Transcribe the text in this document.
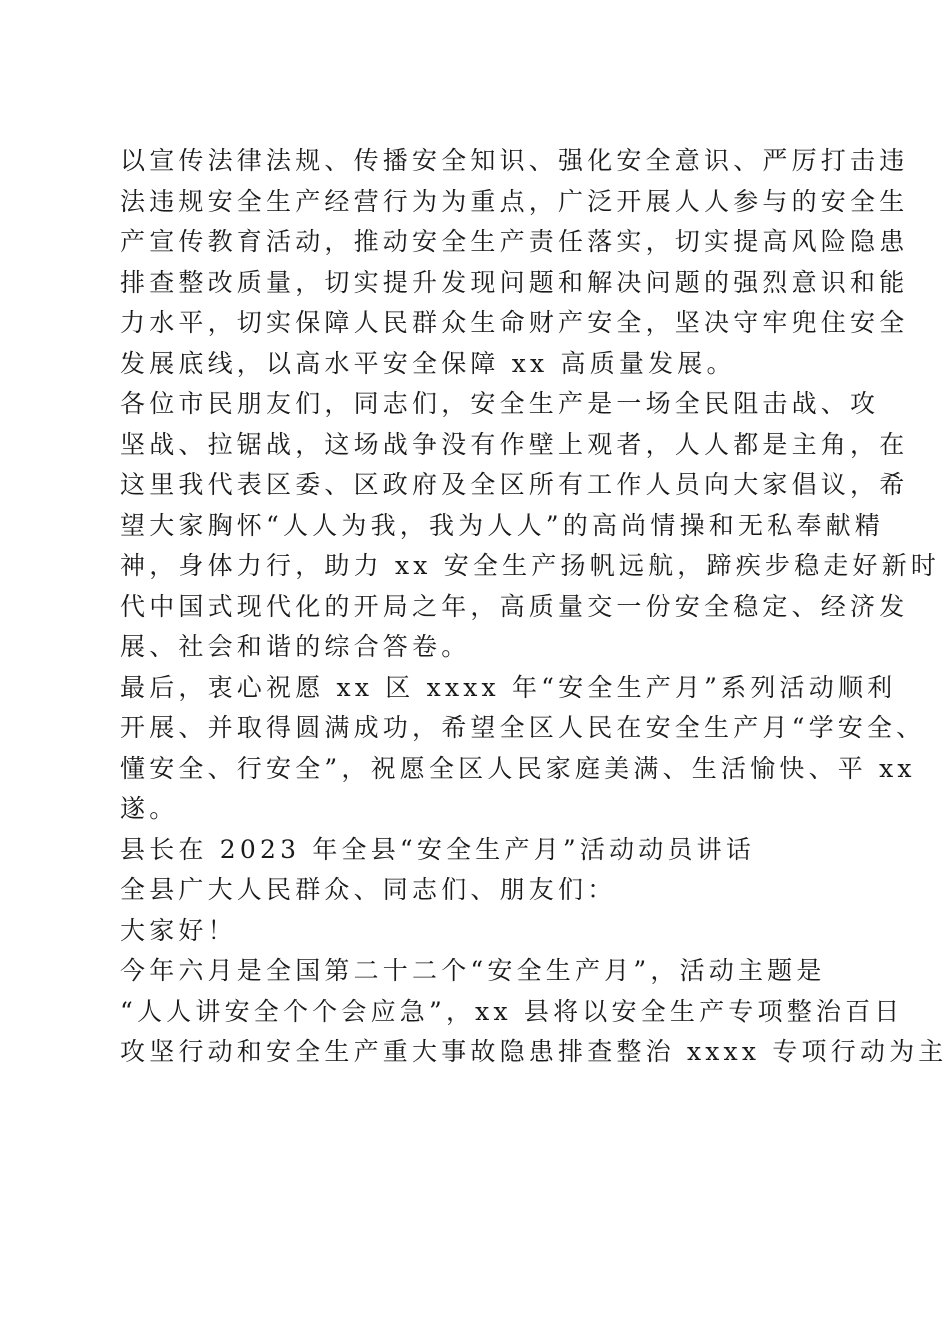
以宣传法律法规、传播安全知识、强化安全意识、严厉打击违
法违规安全生产经营行为为重点，广泛开展人人参与的安全生
产宣传教育活动，推动安全生产责任落实，切实提高风险隐患
排查整改质量，切实提升发现问题和解决问题的强烈意识和能
力水平，切实保障人民群众生命财产安全，坚决守牢兜住安全
发展底线，以高水平安全保障 xx 高质量发展。
各位市民朋友们，同志们，安全生产是一场全民阻击战、攻
坚战、拉锯战，这场战争没有作壁上观者，人人都是主角，在
这里我代表区委、区政府及全区所有工作人员向大家倡议，希
望大家胸怀“人人为我，我为人人”的高尚情操和无私奉献精
神，身体力行，助力 xx 安全生产扬帆远航，蹄疾步稳走好新时
代中国式现代化的开局之年，高质量交一份安全稳定、经济发
展、社会和谐的综合答卷。
最后，衷心祝愿 xx 区 xxxx 年“安全生产月”系列活动顺利
开展、并取得圆满成功，希望全区人民在安全生产月“学安全、
懂安全、行安全”，祝愿全区人民家庭美满、生活愉快、平 xx
遂。
县长在 2023 年全县“安全生产月”活动动员讲话
全县广大人民群众、同志们、朋友们：
大家好！
今年六月是全国第二十二个“安全生产月”，活动主题是
“人人讲安全个个会应急”，xx 县将以安全生产专项整治百日
攻坚行动和安全生产重大事故隐患排查整治 xxxx 专项行动为主
